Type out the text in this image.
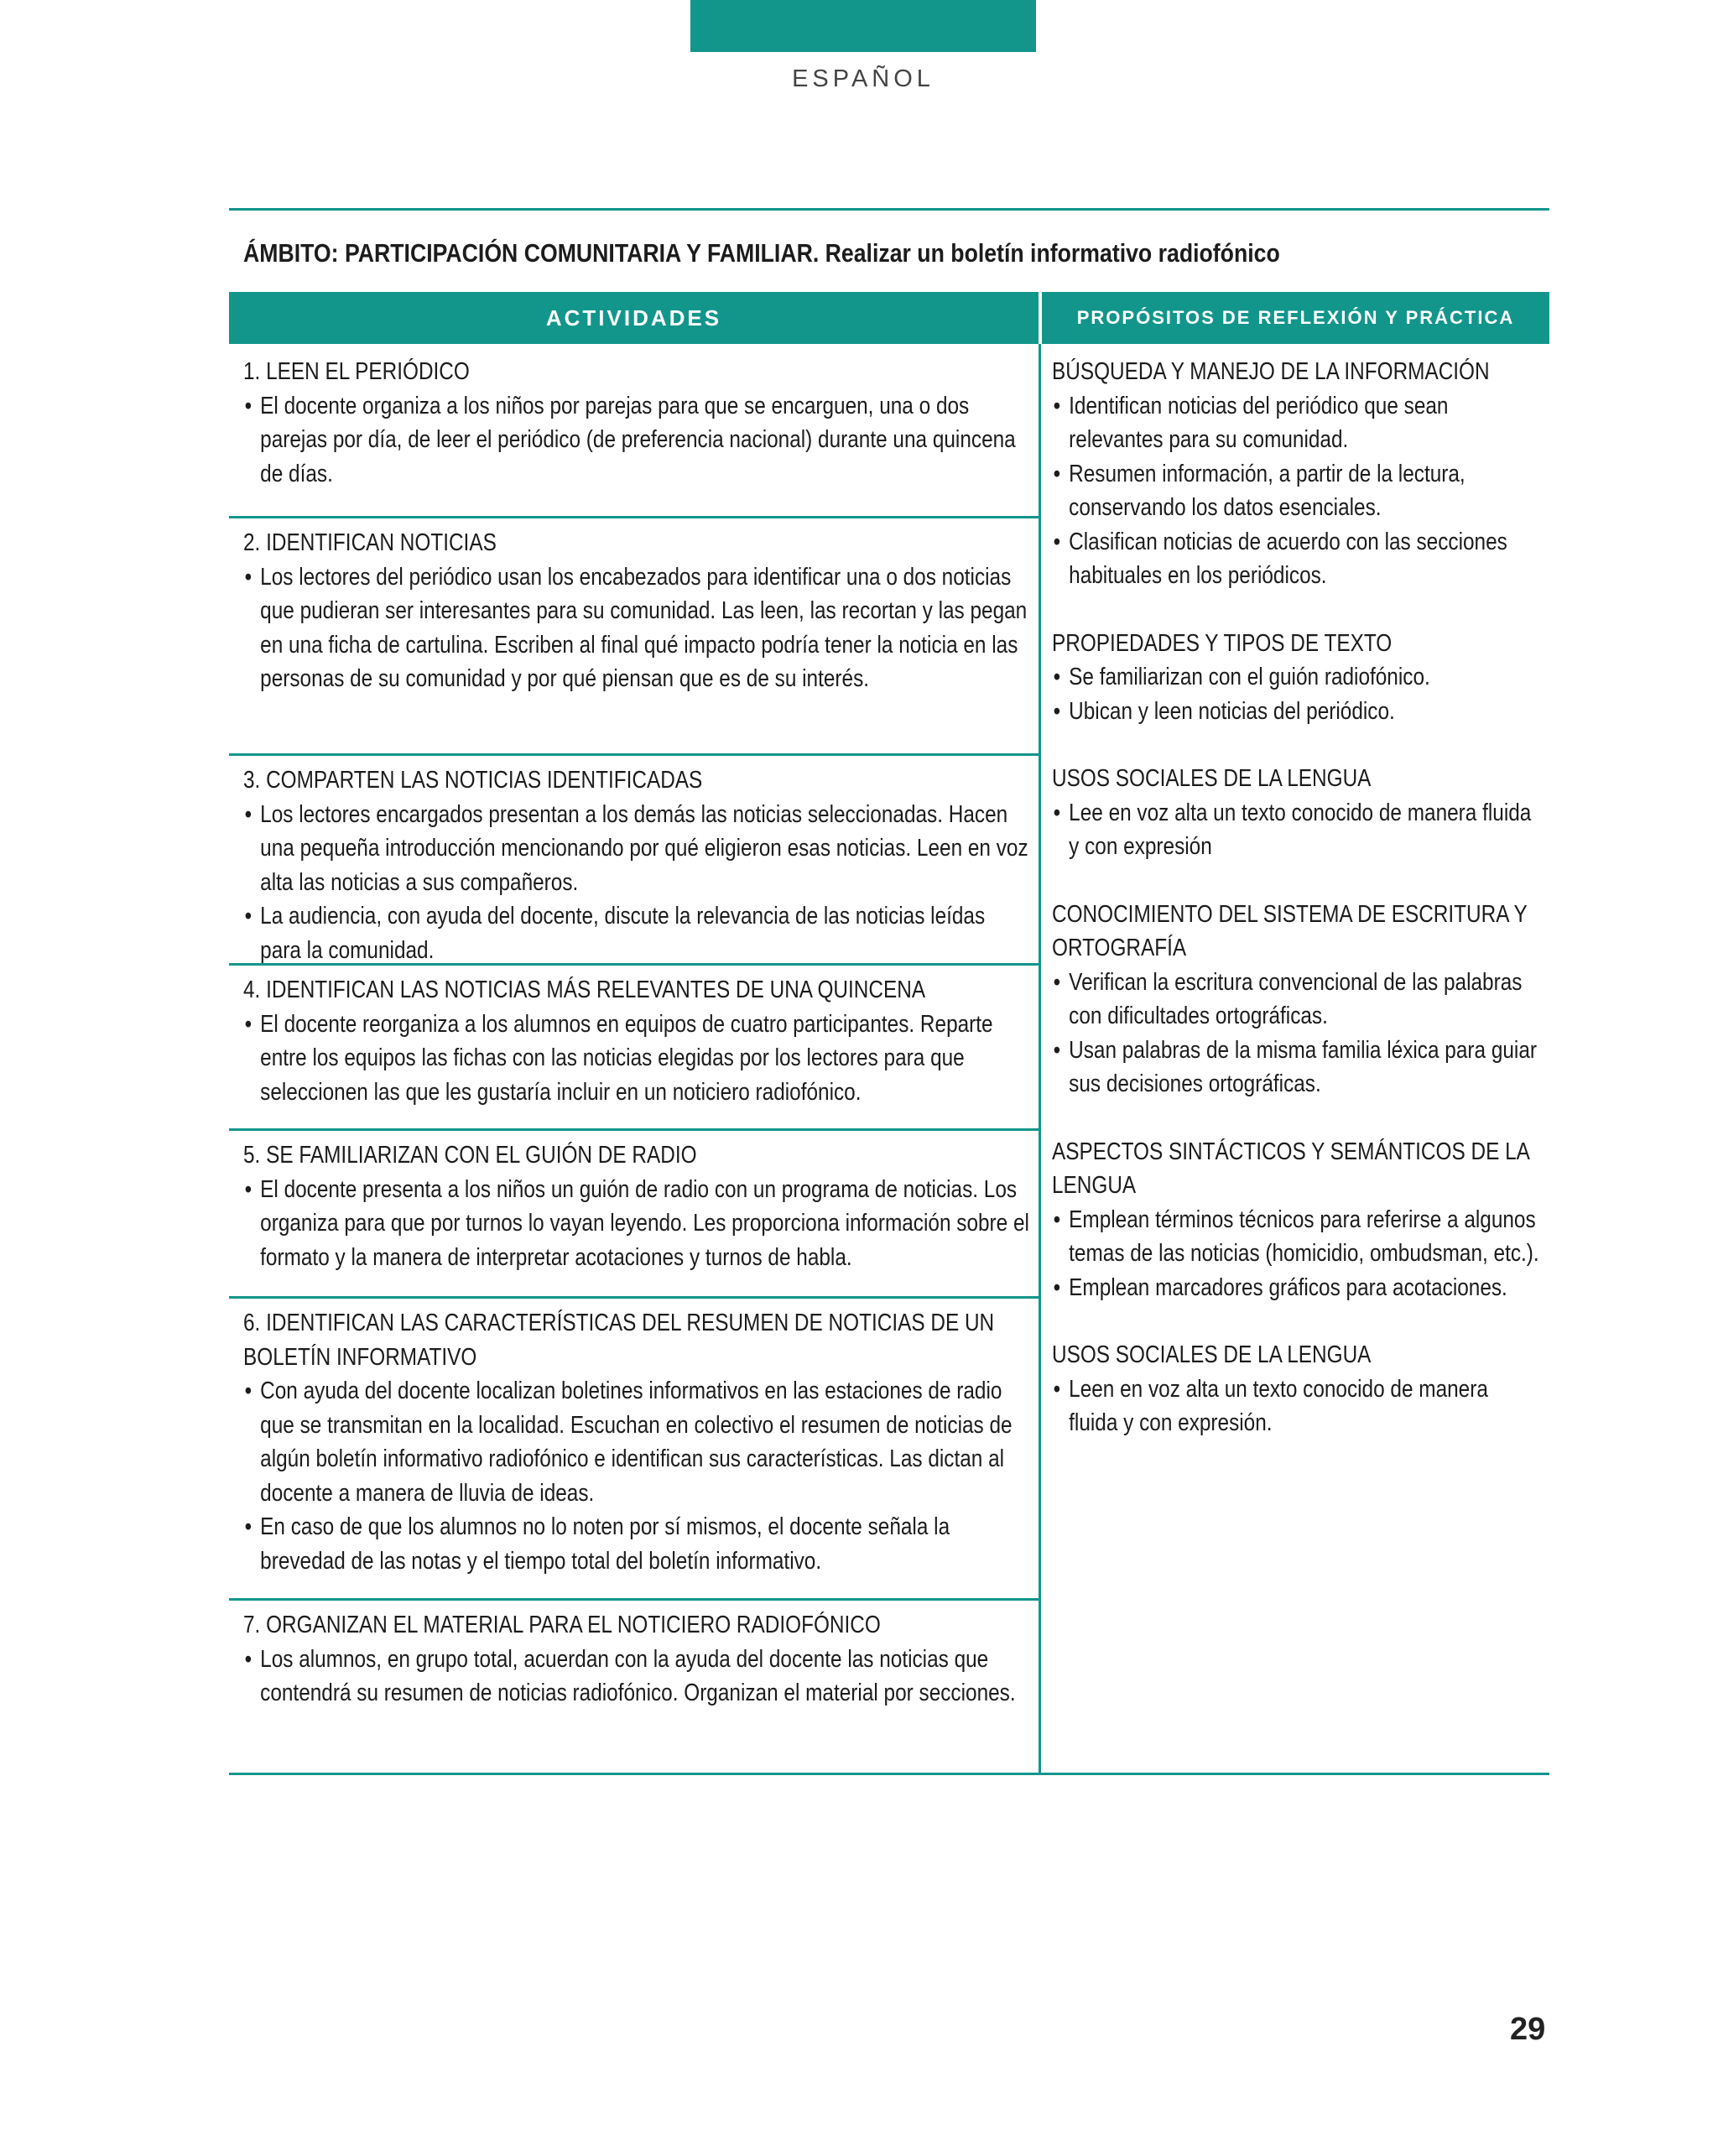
ESPAÑOL
ÁMBITO: PARTICIPACIÓN COMUNITARIA Y FAMILIAR. Realizar un boletín informativo radiofónico
ACTIVIDADES	PROPÓSITOS DE REFLEXIÓN Y PRÁCTICA

1. LEEN EL PERIÓDICO

• El docente organiza a los niños por parejas para que se encarguen, una o dos parejas por día, de leer el periódico (de preferencia nacional) durante una quincena de días.

2. IDENTIFICAN NOTICIAS

• Los lectores del periódico usan los encabezados para identificar una o dos noticias que pudieran ser interesantes para su comunidad. Las leen, las recortan y las pegan en una ficha de cartulina. Escriben al final qué impacto podría tener la noticia en las personas de su comunidad y por qué piensan que es de su interés.

3. COMPARTEN LAS NOTICIAS IDENTIFICADAS

• Los lectores encargados presentan a los demás las noticias seleccionadas. Hacen una pequeña introducción mencionando por qué eligieron esas noticias. Leen en voz alta las noticias a sus compañeros.
• La audiencia, con ayuda del docente, discute la relevancia de las noticias leídas para la comunidad.

4. IDENTIFICAN LAS NOTICIAS MÁS RELEVANTES DE UNA QUINCENA

• El docente reorganiza a los alumnos en equipos de cuatro participantes. Reparte entre los equipos las fichas con las noticias elegidas por los lectores para que seleccionen las que les gustaría incluir en un noticiero radiofónico.

5. SE FAMILIARIZAN CON EL GUIÓN DE RADIO

• El docente presenta a los niños un guión de radio con un programa de noticias. Los organiza para que por turnos lo vayan leyendo. Les proporciona información sobre el formato y la manera de interpretar acotaciones y turnos de habla.

6. IDENTIFICAN LAS CARACTERÍSTICAS DEL RESUMEN DE NOTICIAS DE UN BOLETÍN INFORMATIVO

• Con ayuda del docente localizan boletines informativos en las estaciones de radio que se transmitan en la localidad. Escuchan en colectivo el resumen de noticias de algún boletín informativo radiofónico e identifican sus características. Las dictan al docente a manera de lluvia de ideas.
• En caso de que los alumnos no lo noten por sí mismos, el docente señala la brevedad de las notas y el tiempo total del boletín informativo.

7. ORGANIZAN EL MATERIAL PARA EL NOTICIERO RADIOFÓNICO

• Los alumnos, en grupo total, acuerdan con la ayuda del docente las noticias que contendrá su resumen de noticias radiofónico. Organizan el material por secciones.

BÚSQUEDA Y MANEJO DE LA INFORMACIÓN

• Identifican noticias del periódico que sean relevantes para su comunidad.
• Resumen información, a partir de la lectura, conservando los datos esenciales.
• Clasifican noticias de acuerdo con las secciones habituales en los periódicos.

PROPIEDADES Y TIPOS DE TEXTO

• Se familiarizan con el guión radiofónico.
• Ubican y leen noticias del periódico.

USOS SOCIALES DE LA LENGUA

• Lee en voz alta un texto conocido de manera fluida y con expresión

CONOCIMIENTO DEL SISTEMA DE ESCRITURA Y ORTOGRAFÍA

• Verifican la escritura convencional de las palabras con dificultades ortográficas.
• Usan palabras de la misma familia léxica para guiar sus decisiones ortográficas.

ASPECTOS SINTÁCTICOS Y SEMÁNTICOS DE LA LENGUA

• Emplean términos técnicos para referirse a algunos temas de las noticias (homicidio, ombudsman, etc.).
• Emplean marcadores gráficos para acotaciones.

USOS SOCIALES DE LA LENGUA

• Leen en voz alta un texto conocido de manera fluida y con expresión.
29
